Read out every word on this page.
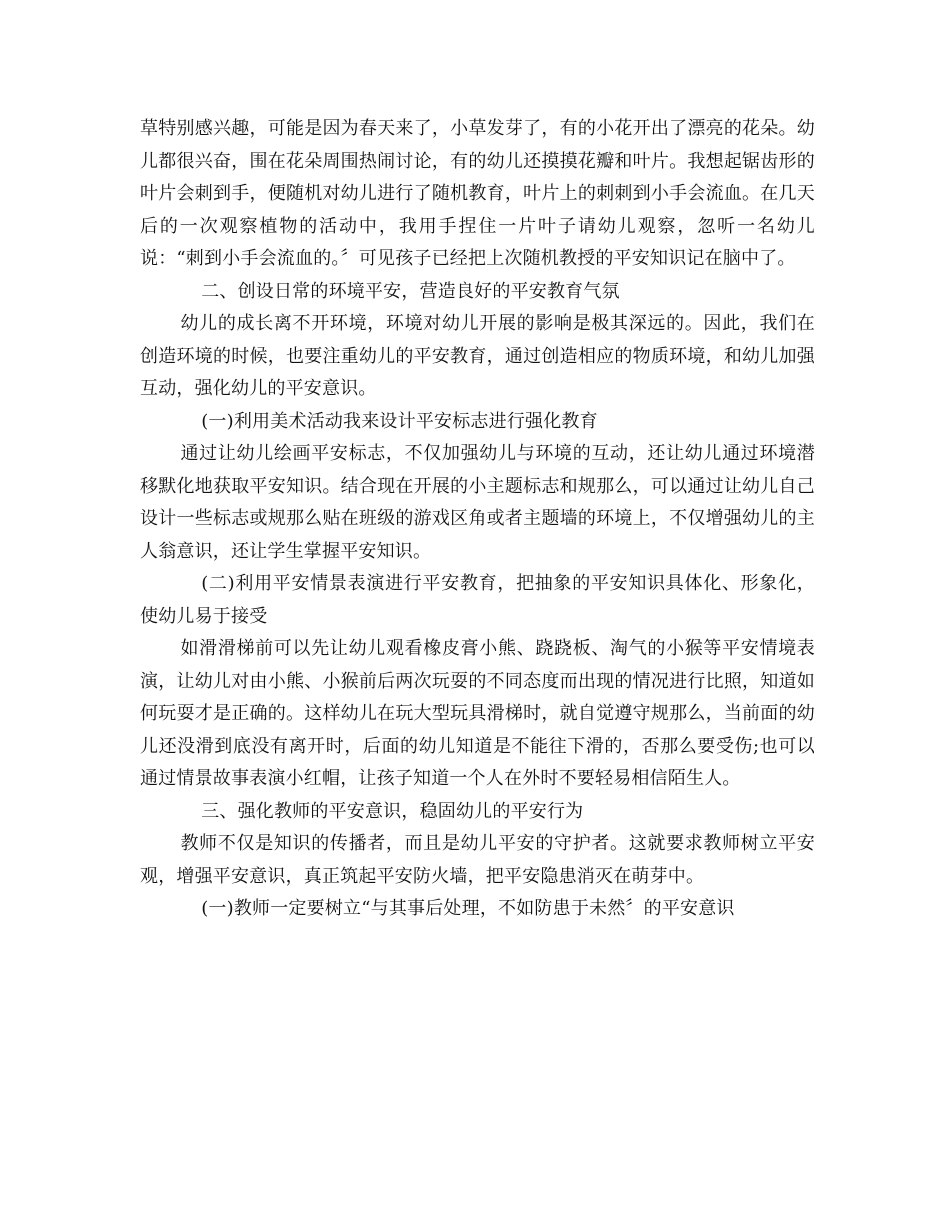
草特别感兴趣，可能是因为春天来了，小草发芽了，有的小花开出了漂亮的花朵。幼儿都很兴奋，围在花朵周围热闹讨论，有的幼儿还摸摸花瓣和叶片。我想起锯齿形的叶片会刺到手，便随机对幼儿进行了随机教育，叶片上的刺刺到小手会流血。在几天后的一次观察植物的活动中，我用手捏住一片叶子请幼儿观察，忽听一名幼儿说：“刺到小手会流血的。〞可见孩子已经把上次随机教授的平安知识记在脑中了。

二、创设日常的环境平安，营造良好的平安教育气氛

幼儿的成长离不开环境，环境对幼儿开展的影响是极其深远的。因此，我们在创造环境的时候，也要注重幼儿的平安教育，通过创造相应的物质环境，和幼儿加强互动，强化幼儿的平安意识。

(一)利用美术活动我来设计平安标志进行强化教育

通过让幼儿绘画平安标志，不仅加强幼儿与环境的互动，还让幼儿通过环境潜移默化地获取平安知识。结合现在开展的小主题标志和规那么，可以通过让幼儿自己设计一些标志或规那么贴在班级的游戏区角或者主题墙的环境上，不仅增强幼儿的主人翁意识，还让学生掌握平安知识。

(二)利用平安情景表演进行平安教育，把抽象的平安知识具体化、形象化，使幼儿易于接受

如滑滑梯前可以先让幼儿观看橡皮膏小熊、跷跷板、淘气的小猴等平安情境表演，让幼儿对由小熊、小猴前后两次玩耍的不同态度而出现的情况进行比照，知道如何玩耍才是正确的。这样幼儿在玩大型玩具滑梯时，就自觉遵守规那么，当前面的幼儿还没滑到底没有离开时，后面的幼儿知道是不能往下滑的，否那么要受伤;也可以通过情景故事表演小红帽，让孩子知道一个人在外时不要轻易相信陌生人。

三、强化教师的平安意识，稳固幼儿的平安行为

教师不仅是知识的传播者，而且是幼儿平安的守护者。这就要求教师树立平安观，增强平安意识，真正筑起平安防火墙，把平安隐患消灭在萌芽中。

(一)教师一定要树立“与其事后处理，不如防患于未然〞的平安意识
